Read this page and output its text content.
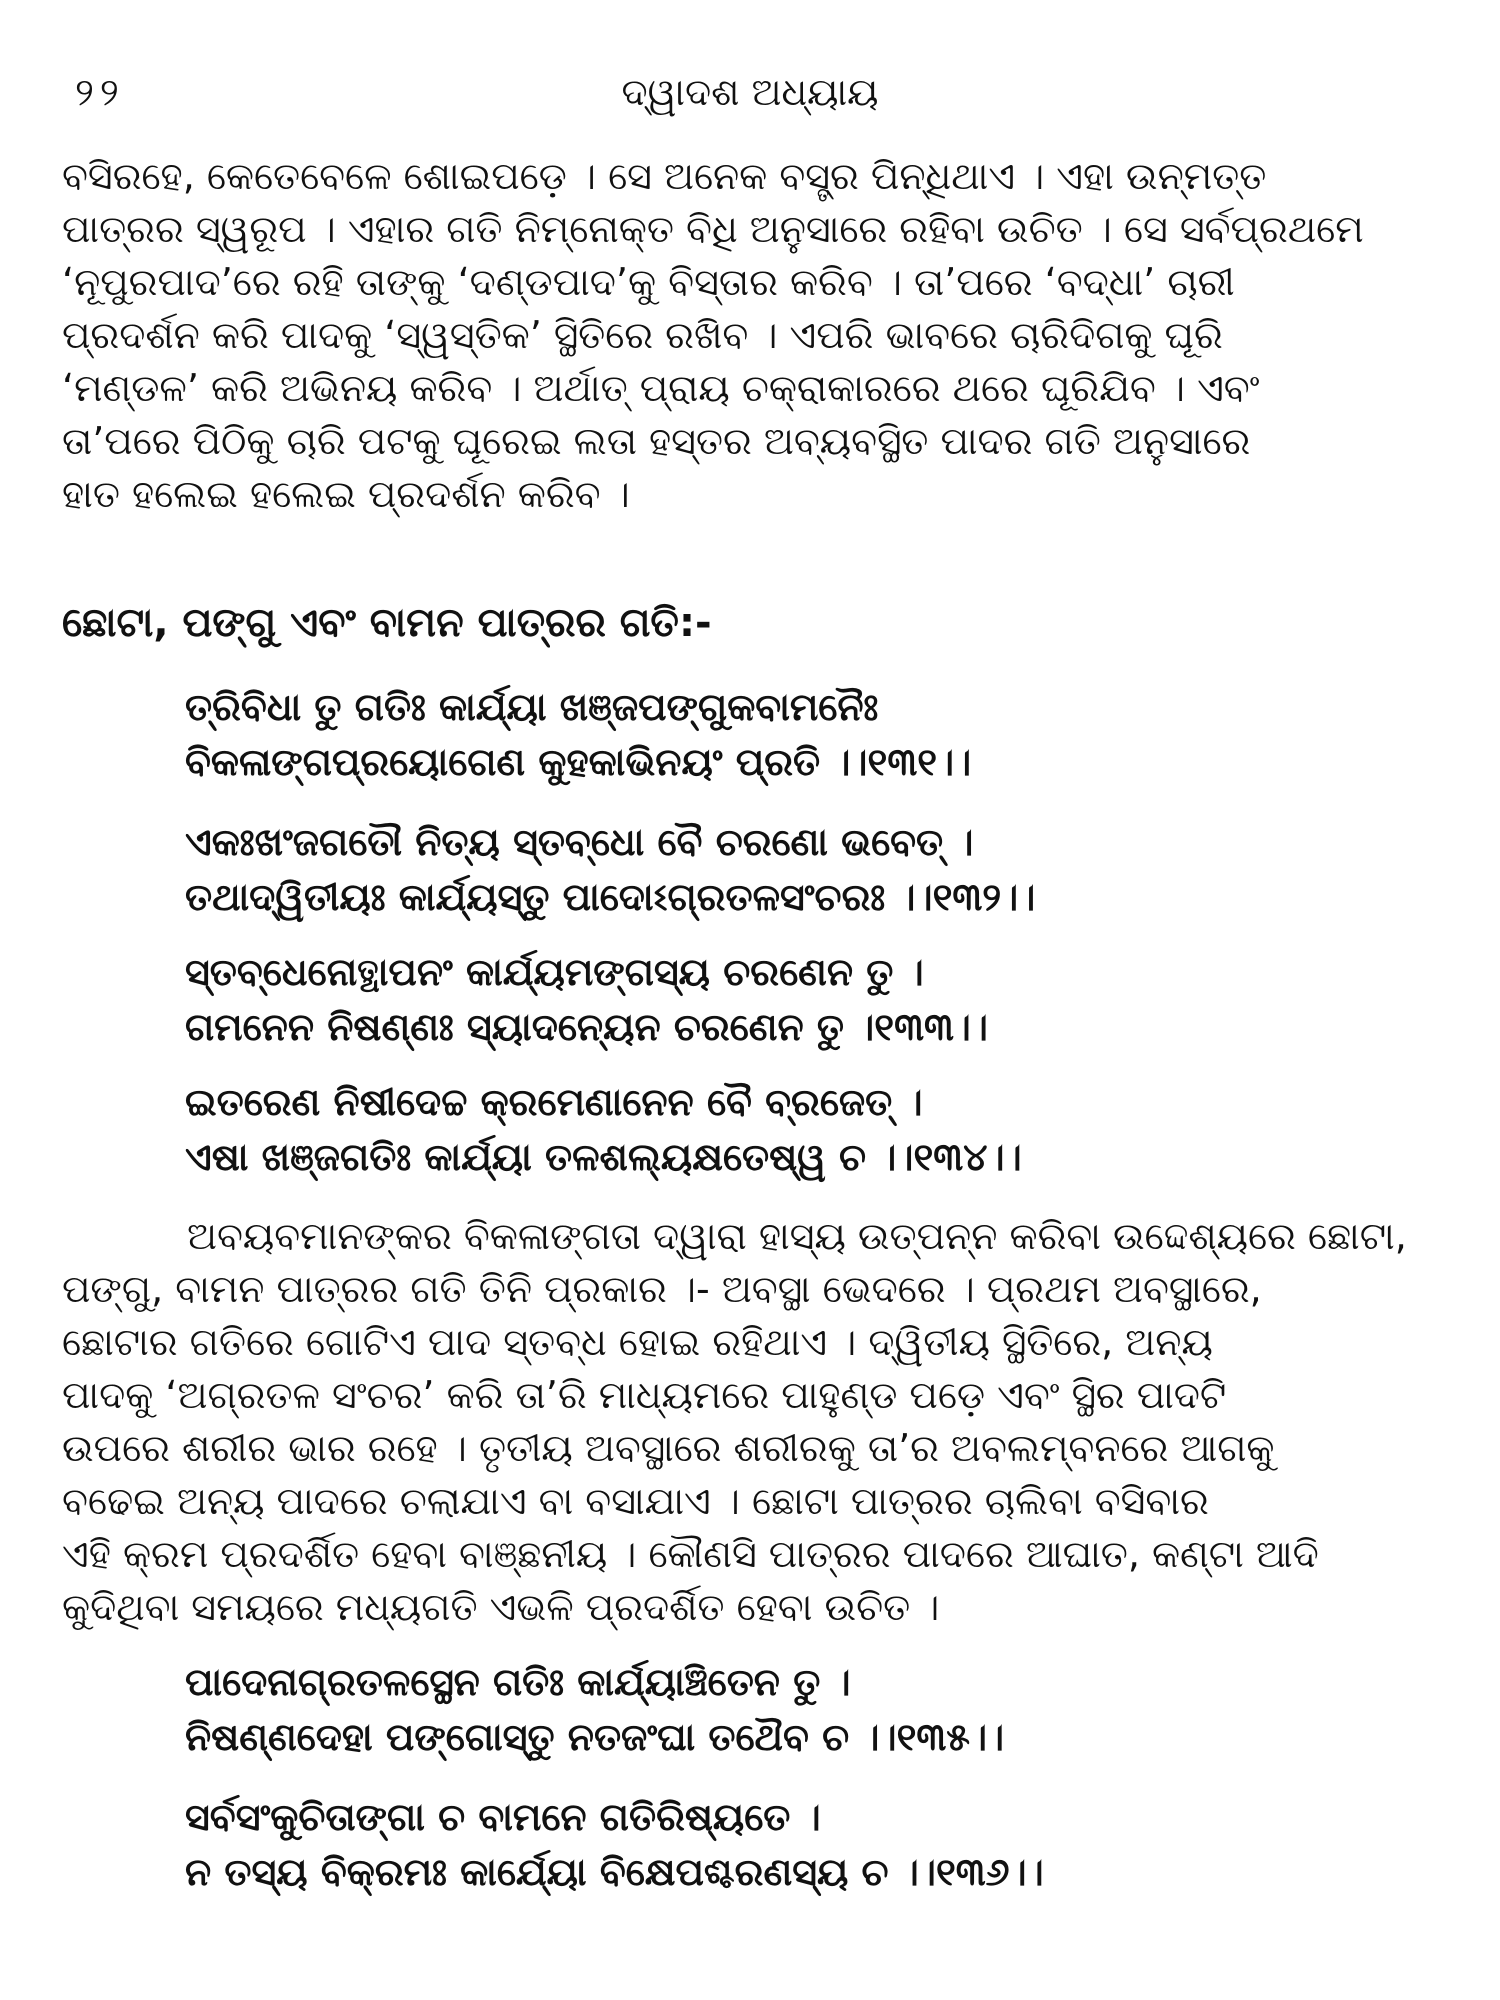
୨୨	ଦ୍ୱାଦଶ ଅଧ୍ୟାୟ

ବସିରହେ, କେତେବେଳେ ଶୋଇପଡ଼େ । ସେ ଅନେକ ବସ୍ତ୍ର ପିନ୍ଧିଥାଏ । ଏହା ଉନ୍ମତ୍ତ
ପାତ୍ରର ସ୍ୱରୂପ । ଏହାର ଗତି ନିମ୍ନୋକ୍ତ ବିଧି ଅନୁସାରେ ରହିବା ଉଚିତ । ସେ ସର୍ବପ୍ରଥମେ
‘ନୂପୁରପାଦ’ରେ ରହି ତାଙ୍କୁ ‘ଦଣ୍ଡପାଦ’କୁ ବିସ୍ତାର କରିବ । ତା’ପରେ ‘ବଦ୍ଧା’ ଚାରୀ
ପ୍ରଦର୍ଶନ କରି ପାଦକୁ ‘ସ୍ୱସ୍ତିକ’ ସ୍ଥିତିରେ ରଖିବ । ଏପରି ଭାବରେ ଚାରିଦିଗକୁ ଘୂରି
‘ମଣ୍ଡଳ’ କରି ଅଭିନୟ କରିବ । ଅର୍ଥାତ୍ ପ୍ରାୟ ଚକ୍ରାକାରରେ ଥରେ ଘୂରିଯିବ । ଏବଂ
ତା’ପରେ ପିଠିକୁ ଚାରି ପଟକୁ ଘୂରେଇ ଲତା ହସ୍ତର ଅବ୍ୟବସ୍ଥିତ ପାଦର ଗତି ଅନୁସାରେ
ହାତ ହଲେଇ ହଲେଇ ପ୍ରଦର୍ଶନ କରିବ ।

ଛୋଟା, ପଙ୍ଗୁ ଏବଂ ବାମନ ପାତ୍ରର ଗତି:-
ତ୍ରିବିଧା ତୁ ଗତିଃ କାର୍ଯ୍ୟା ଖଞ୍ଜପଙ୍ଗୁକବାମନୈଃ
ବିକଳାଙ୍ଗପ୍ରୟୋଗେଣ କୁହକାଭିନୟଂ ପ୍ରତି ।।୧୩୧।।
ଏକଃଖଂଜଗତୌ ନିତ୍ୟ ସ୍ତବ୍ଧୋ ବୈ ଚରଣୋ ଭବେତ୍ ।
ତଥାଦ୍ୱିତୀୟଃ କାର୍ଯ୍ୟସ୍ତୁ ପାଦୋଽଗ୍ରତଳସଂଚରଃ ।।୧୩୨।।
ସ୍ତବ୍ଧେନୋତ୍ଥାପନଂ କାର୍ଯ୍ୟମଙ୍ଗସ୍ୟ ଚରଣେନ ତୁ ।
ଗମନେନ ନିଷଣ୍ଣଃ ସ୍ୟାଦନ୍ୟେନ ଚରଣେନ ତୁ ।୧୩୩।।
ଇତରେଣ ନିଷୀଦେଚ୍ଚ କ୍ରମେଣାନେନ ବୈ ବ୍ରଜେତ୍ ।
ଏଷା ଖଞ୍ଜଗତିଃ କାର୍ଯ୍ୟା ତଳଶଲ୍ୟକ୍ଷତେଷ୍ୱ ଚ ।।୧୩୪।।

ଅବୟବମାନଙ୍କର ବିକଳାଙ୍ଗତା ଦ୍ୱାରା ହାସ୍ୟ ଉତ୍ପନ୍ନ କରିବା ଉଦ୍ଦେଶ୍ୟରେ ଛୋଟା,
ପଙ୍ଗୁ, ବାମନ ପାତ୍ରର ଗତି ତିନି ପ୍ରକାର ।- ଅବସ୍ଥା ଭେଦରେ । ପ୍ରଥମ ଅବସ୍ଥାରେ,
ଛୋଟାର ଗତିରେ ଗୋଟିଏ ପାଦ ସ୍ତବ୍ଧ ହୋଇ ରହିଥାଏ । ଦ୍ୱିତୀୟ ସ୍ଥିତିରେ, ଅନ୍ୟ
ପାଦକୁ ‘ଅଗ୍ରତଳ ସଂଚର’ କରି ତା’ରି ମାଧ୍ୟମରେ ପାହୁଣ୍ଡ ପଡ଼େ ଏବଂ ସ୍ଥିର ପାଦଟି
ଉପରେ ଶରୀର ଭାର ରହେ । ତୃତୀୟ ଅବସ୍ଥାରେ ଶରୀରକୁ ତା’ର ଅବଲମ୍ବନରେ ଆଗକୁ
ବଢେଇ ଅନ୍ୟ ପାଦରେ ଚଲାଯାଏ ବା ବସାଯାଏ । ଛୋଟା ପାତ୍ରର ଚାଲିବା ବସିବାର
ଏହି କ୍ରମ ପ୍ରଦର୍ଶିତ ହେବା ବାଞ୍ଛନୀୟ । କୌଣସି ପାତ୍ରର ପାଦରେ ଆଘାତ, କଣ୍ଟା ଆଦି
କୁଦିଥିବା ସମୟରେ ମଧ୍ୟଗତି ଏଭଳି ପ୍ରଦର୍ଶିତ ହେବା ଉଚିତ ।

ପାଦେନାଗ୍ରତଳସ୍ଥେନ ଗତିଃ କାର୍ଯ୍ୟାଞ୍ଚିତେନ ତୁ ।
ନିଷଣ୍ଣଦେହା ପଙ୍ଗୋସ୍ତୁ ନତଜଂଘା ତଥୈବ ଚ ।।୧୩୫।।
ସର୍ବସଂକୁଚିତାଙ୍ଗା ଚ ବାମନେ ଗତିରିଷ୍ୟତେ ।
ନ ତସ୍ୟ ବିକ୍ରମଃ କାର୍ଯ୍ୟୋ ବିକ୍ଷେପଶ୍ଚରଣସ୍ୟ ଚ ।।୧୩୬।।
